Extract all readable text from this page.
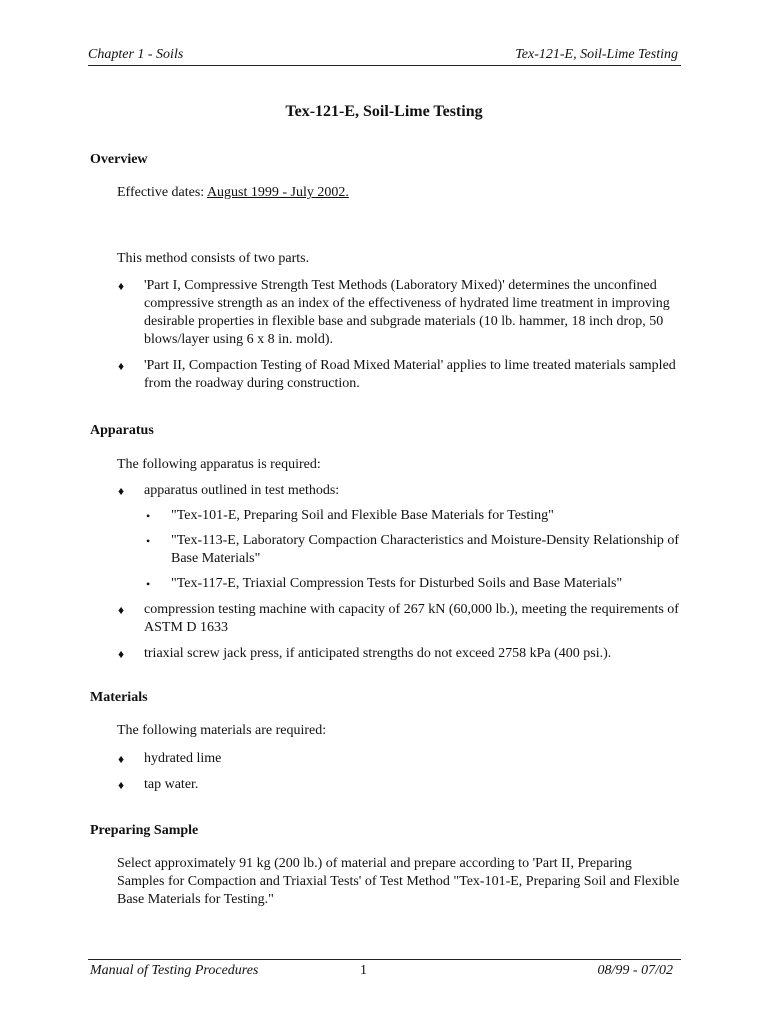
Chapter 1 - Soils	Tex-121-E, Soil-Lime Testing
Tex-121-E, Soil-Lime Testing
Overview

Effective dates: August 1999 - July 2002.

This method consists of two parts.

♦ 'Part I, Compressive Strength Test Methods (Laboratory Mixed)' determines the unconfined compressive strength as an index of the effectiveness of hydrated lime treatment in improving desirable properties in flexible base and subgrade materials (10 lb. hammer, 18 inch drop, 50 blows/layer using 6 x 8 in. mold).
♦ 'Part II, Compaction Testing of Road Mixed Material' applies to lime treated materials sampled from the roadway during construction.
Apparatus

The following apparatus is required:

♦ apparatus outlined in test methods:
• "Tex-101-E, Preparing Soil and Flexible Base Materials for Testing"
• "Tex-113-E, Laboratory Compaction Characteristics and Moisture-Density Relationship of Base Materials"
• "Tex-117-E, Triaxial Compression Tests for Disturbed Soils and Base Materials"
♦ compression testing machine with capacity of 267 kN (60,000 lb.), meeting the requirements of ASTM D 1633
♦ triaxial screw jack press, if anticipated strengths do not exceed 2758 kPa (400 psi.).
Materials

The following materials are required:

♦ hydrated lime
♦ tap water.
Preparing Sample

Select approximately 91 kg (200 lb.) of material and prepare according to 'Part II, Preparing Samples for Compaction and Triaxial Tests' of Test Method "Tex-101-E, Preparing Soil and Flexible Base Materials for Testing."

Manual of Testing Procedures	1	08/99 - 07/02
